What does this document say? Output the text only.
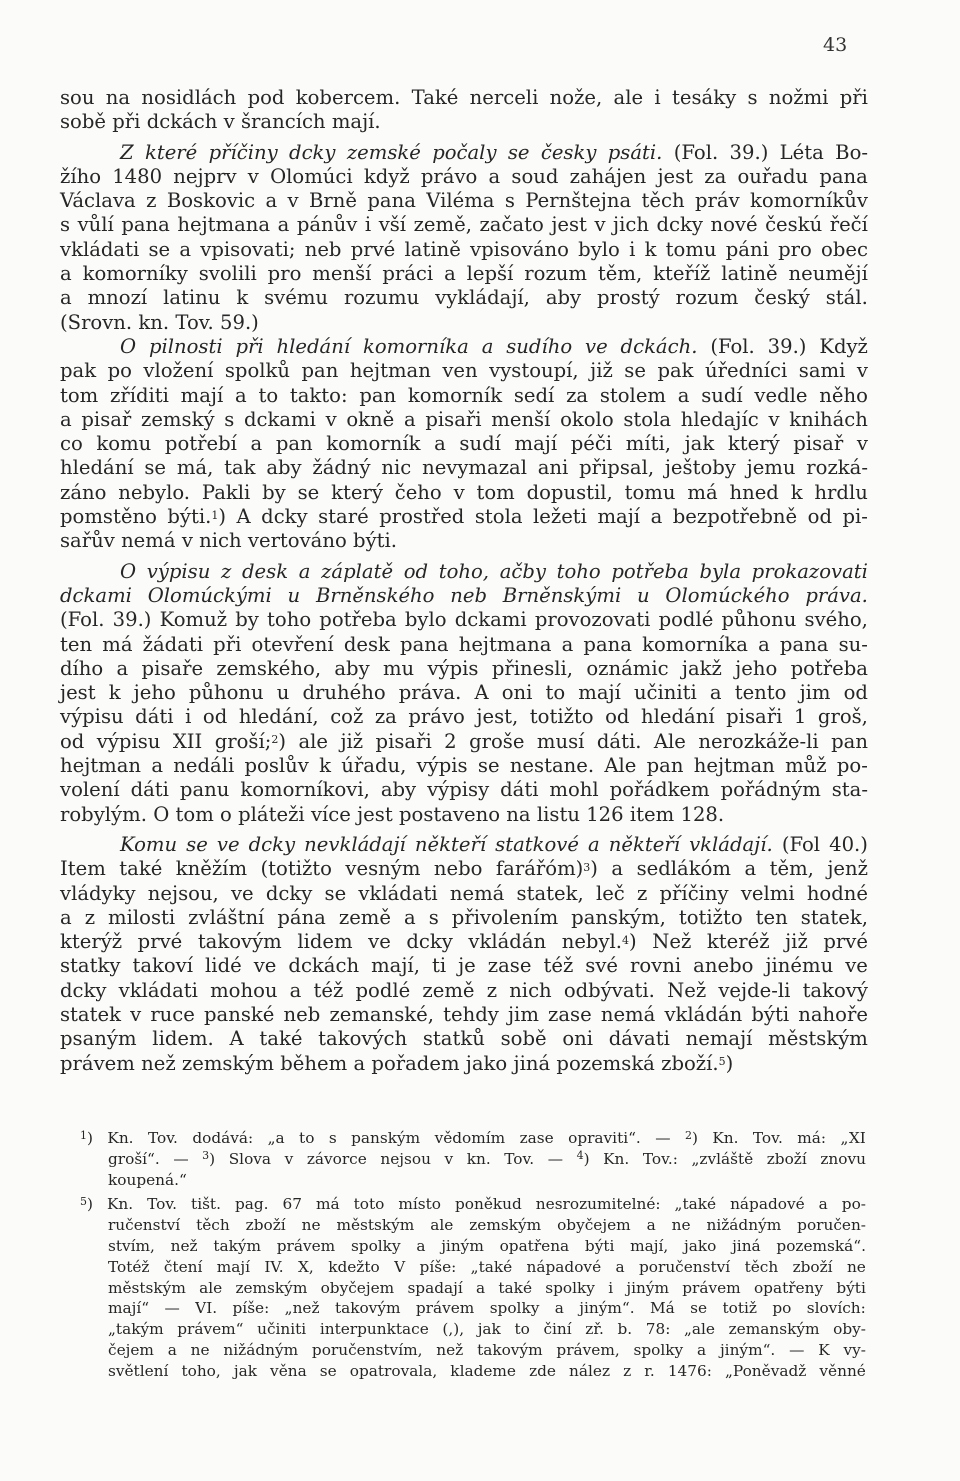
43
sou na nosidlách pod kobercem. Také nerceli nože, ale i tesáky s nožmi při
sobě při dckách v šrancích mají.
Z které příčiny dcky zemské počaly se česky psáti. (Fol. 39.) Léta Bo-
žího 1480 nejprv v Olomúci když právo a soud zahájen jest za ouřadu pana
Václava z Boskovic a v Brně pana Viléma s Pernštejna těch práv komorníkův
s vůlí pana hejtmana a pánův i vší země, začato jest v jich dcky nové českú řečí
vkládati se a vpisovati; neb prvé latině vpisováno bylo i k tomu páni pro obec
a komorníky svolili pro menší práci a lepší rozum těm, kteříž latině neumějí
a mnozí latinu k svému rozumu vykládají, aby prostý rozum český stál.
(Srovn. kn. Tov. 59.)
O pilnosti při hledání komorníka a sudího ve dckách. (Fol. 39.) Když
pak po vložení spolků pan hejtman ven vystoupí, již se pak úředníci sami v
tom zříditi mají a to takto: pan komorník sedí za stolem a sudí vedle něho
a pisař zemský s dckami v okně a pisaři menší okolo stola hledajíc v knihách
co komu potřebí a pan komorník a sudí mají péči míti, jak který pisař v
hledání se má, tak aby žádný nic nevymazal ani připsal, ještoby jemu rozká-
záno nebylo. Pakli by se který čeho v tom dopustil, tomu má hned k hrdlu
pomstěno býti.$^1$) A dcky staré prostřed stola ležeti mají a bezpotřebně od pi-
sařův nemá v nich vertováno býti.
O výpisu z desk a záplatě od toho, ačby toho potřeba byla prokazovati
dckami Olomúckými u Brněnského neb Brněnskými u Olomúckého práva.
(Fol. 39.) Komuž by toho potřeba bylo dckami provozovati podlé půhonu svého,
ten má žádati při otevření desk pana hejtmana a pana komorníka a pana su-
dího a pisaře zemského, aby mu výpis přinesli, oznámic jakž jeho potřeba
jest k jeho půhonu u druhého práva. A oni to mají učiniti a tento jim od
výpisu dáti i od hledání, což za právo jest, totižto od hledání pisaři 1 groš,
od výpisu XII groší;$^2$) ale již pisaři 2 groše musí dáti. Ale nerozkáže-li pan
hejtman a nedáli poslův k úřadu, výpis se nestane. Ale pan hejtman můž po-
volení dáti panu komorníkovi, aby výpisy dáti mohl pořádkem pořádným sta-
robylým. O tom o pláteži více jest postaveno na listu 126 item 128.
Komu se ve dcky nevkládají někteří statkové a někteří vkládají. (Fol 40.)
Item také kněžím (totižto vesným nebo farářóm)$^3$) a sedlákóm a těm, jenž
vládyky nejsou, ve dcky se vkládati nemá statek, leč z příčiny velmi hodné
a z milosti zvláštní pána země a s přivolením panským, totižto ten statek,
kterýž prvé takovým lidem ve dcky vkládán nebyl.$^4$) Než kteréž již prvé
statky takoví lidé ve dckách mají, ti je zase též své rovni anebo jinému ve
dcky vkládati mohou a též podlé země z nich odbývati. Než vejde-li takový
statek v ruce panské neb zemanské, tehdy jim zase nemá vkládán býti nahoře
psaným lidem. A také takových statků sobě oni dávati nemají městským
právem než zemským během a pořadem jako jiná pozemská zboží.$^5$)
$^1$) Kn. Tov. dodává: „a to s panským vědomím zase opraviti“. — $^2$) Kn. Tov. má: „XI
groší“. — $^3$) Slova v závorce nejsou v kn. Tov. — $^4$) Kn. Tov.: „zvláště zboží znovu
koupená.“
$^5$) Kn. Tov. tišt. pag. 67 má toto místo poněkud nesrozumitelné: „také nápadové a po-
ručenství těch zboží ne městským ale zemským obyčejem a ne nižádným poručen-
stvím, než takým právem spolky a jiným opatřena býti mají, jako jiná pozemská“.
Totéž čtení mají IV. X, kdežto V píše: „také nápadové a poručenství těch zboží ne
městským ale zemským obyčejem spadají a také spolky i jiným právem opatřeny býti
mají“ — VI. píše: „než takovým právem spolky a jiným“. Má se totiž po slovích:
„takým právem“ učiniti interpunktace (,), jak to činí zř. b. 78: „ale zemanským oby-
čejem a ne nižádným poručenstvím, než takovým právem, spolky a jiným“. — K vy-
světlení toho, jak věna se opatrovala, klademe zde nález z r. 1476: „Poněvadž věnné
